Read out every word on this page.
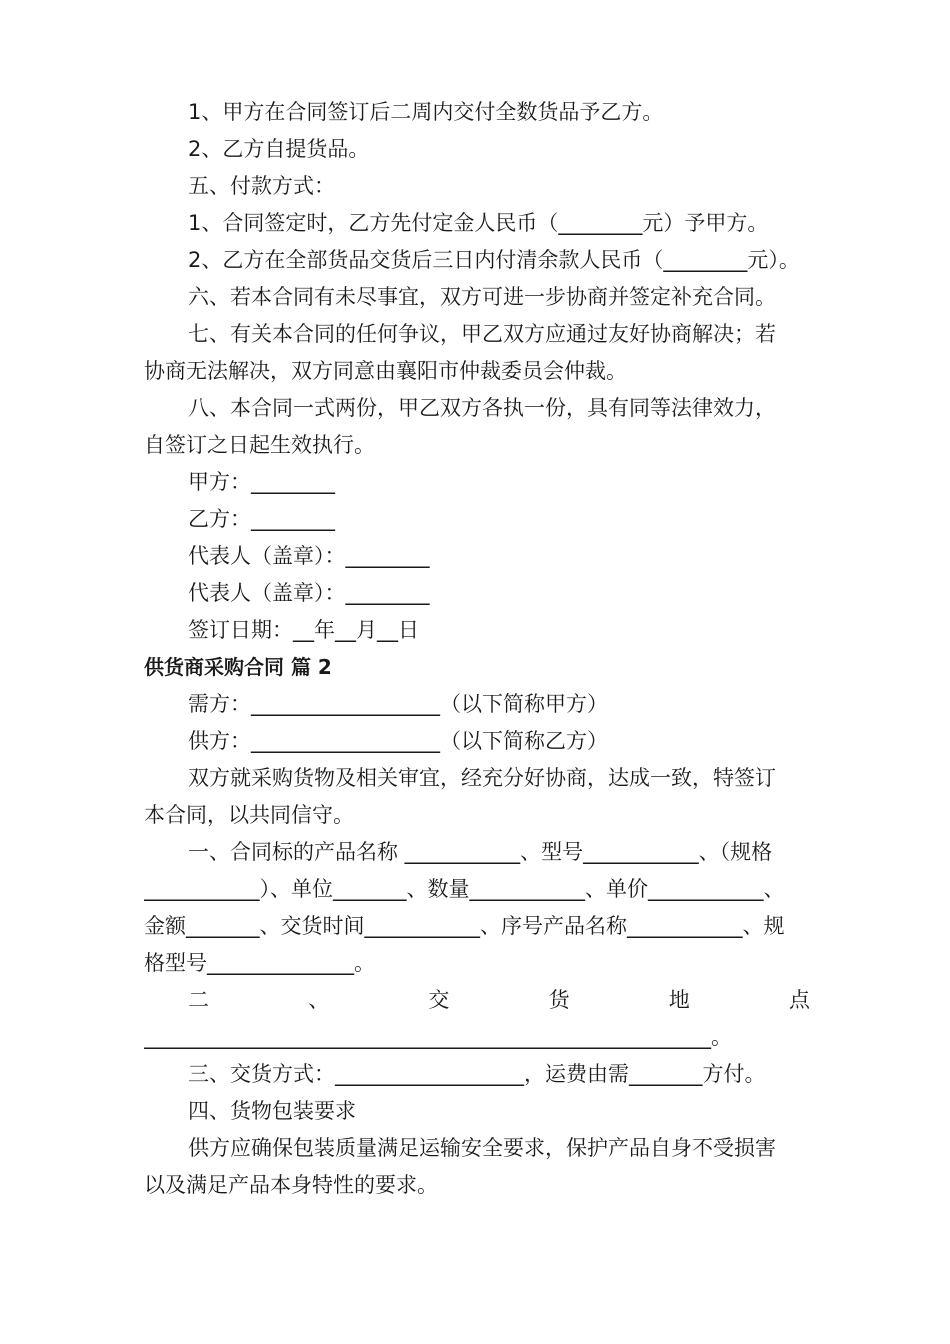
1、甲方在合同签订后二周内交付全数货品予乙方。
2、乙方自提货品。
五、付款方式：
1、合同签定时，乙方先付定金人民币（________元）予甲方。
2、乙方在全部货品交货后三日内付清余款人民币（________元）。
六、若本合同有未尽事宜，双方可进一步协商并签定补充合同。
七、有关本合同的任何争议，甲乙双方应通过友好协商解决；若
协商无法解决，双方同意由襄阳市仲裁委员会仲裁。
八、本合同一式两份，甲乙双方各执一份，具有同等法律效力，
自签订之日起生效执行。
甲方：________
乙方：________
代表人（盖章）：________
代表人（盖章）：________
签订日期：__年__月__日
供货商采购合同 篇 2
需方：__________________（以下简称甲方）
供方：__________________（以下简称乙方）
双方就采购货物及相关审宜，经充分好协商，达成一致，特签订
本合同，以共同信守。
一、合同标的产品名称 ___________、型号___________、（规格
___________）、单位_______、数量___________、单价___________、
金额_______、交货时间___________、序号产品名称___________、规
格型号______________。
二	、	交	货	地	点
______________________________________________________。
三、交货方式：__________________，运费由需_______方付。
四、货物包装要求
供方应确保包装质量满足运输安全要求，保护产品自身不受损害
以及满足产品本身特性的要求。
